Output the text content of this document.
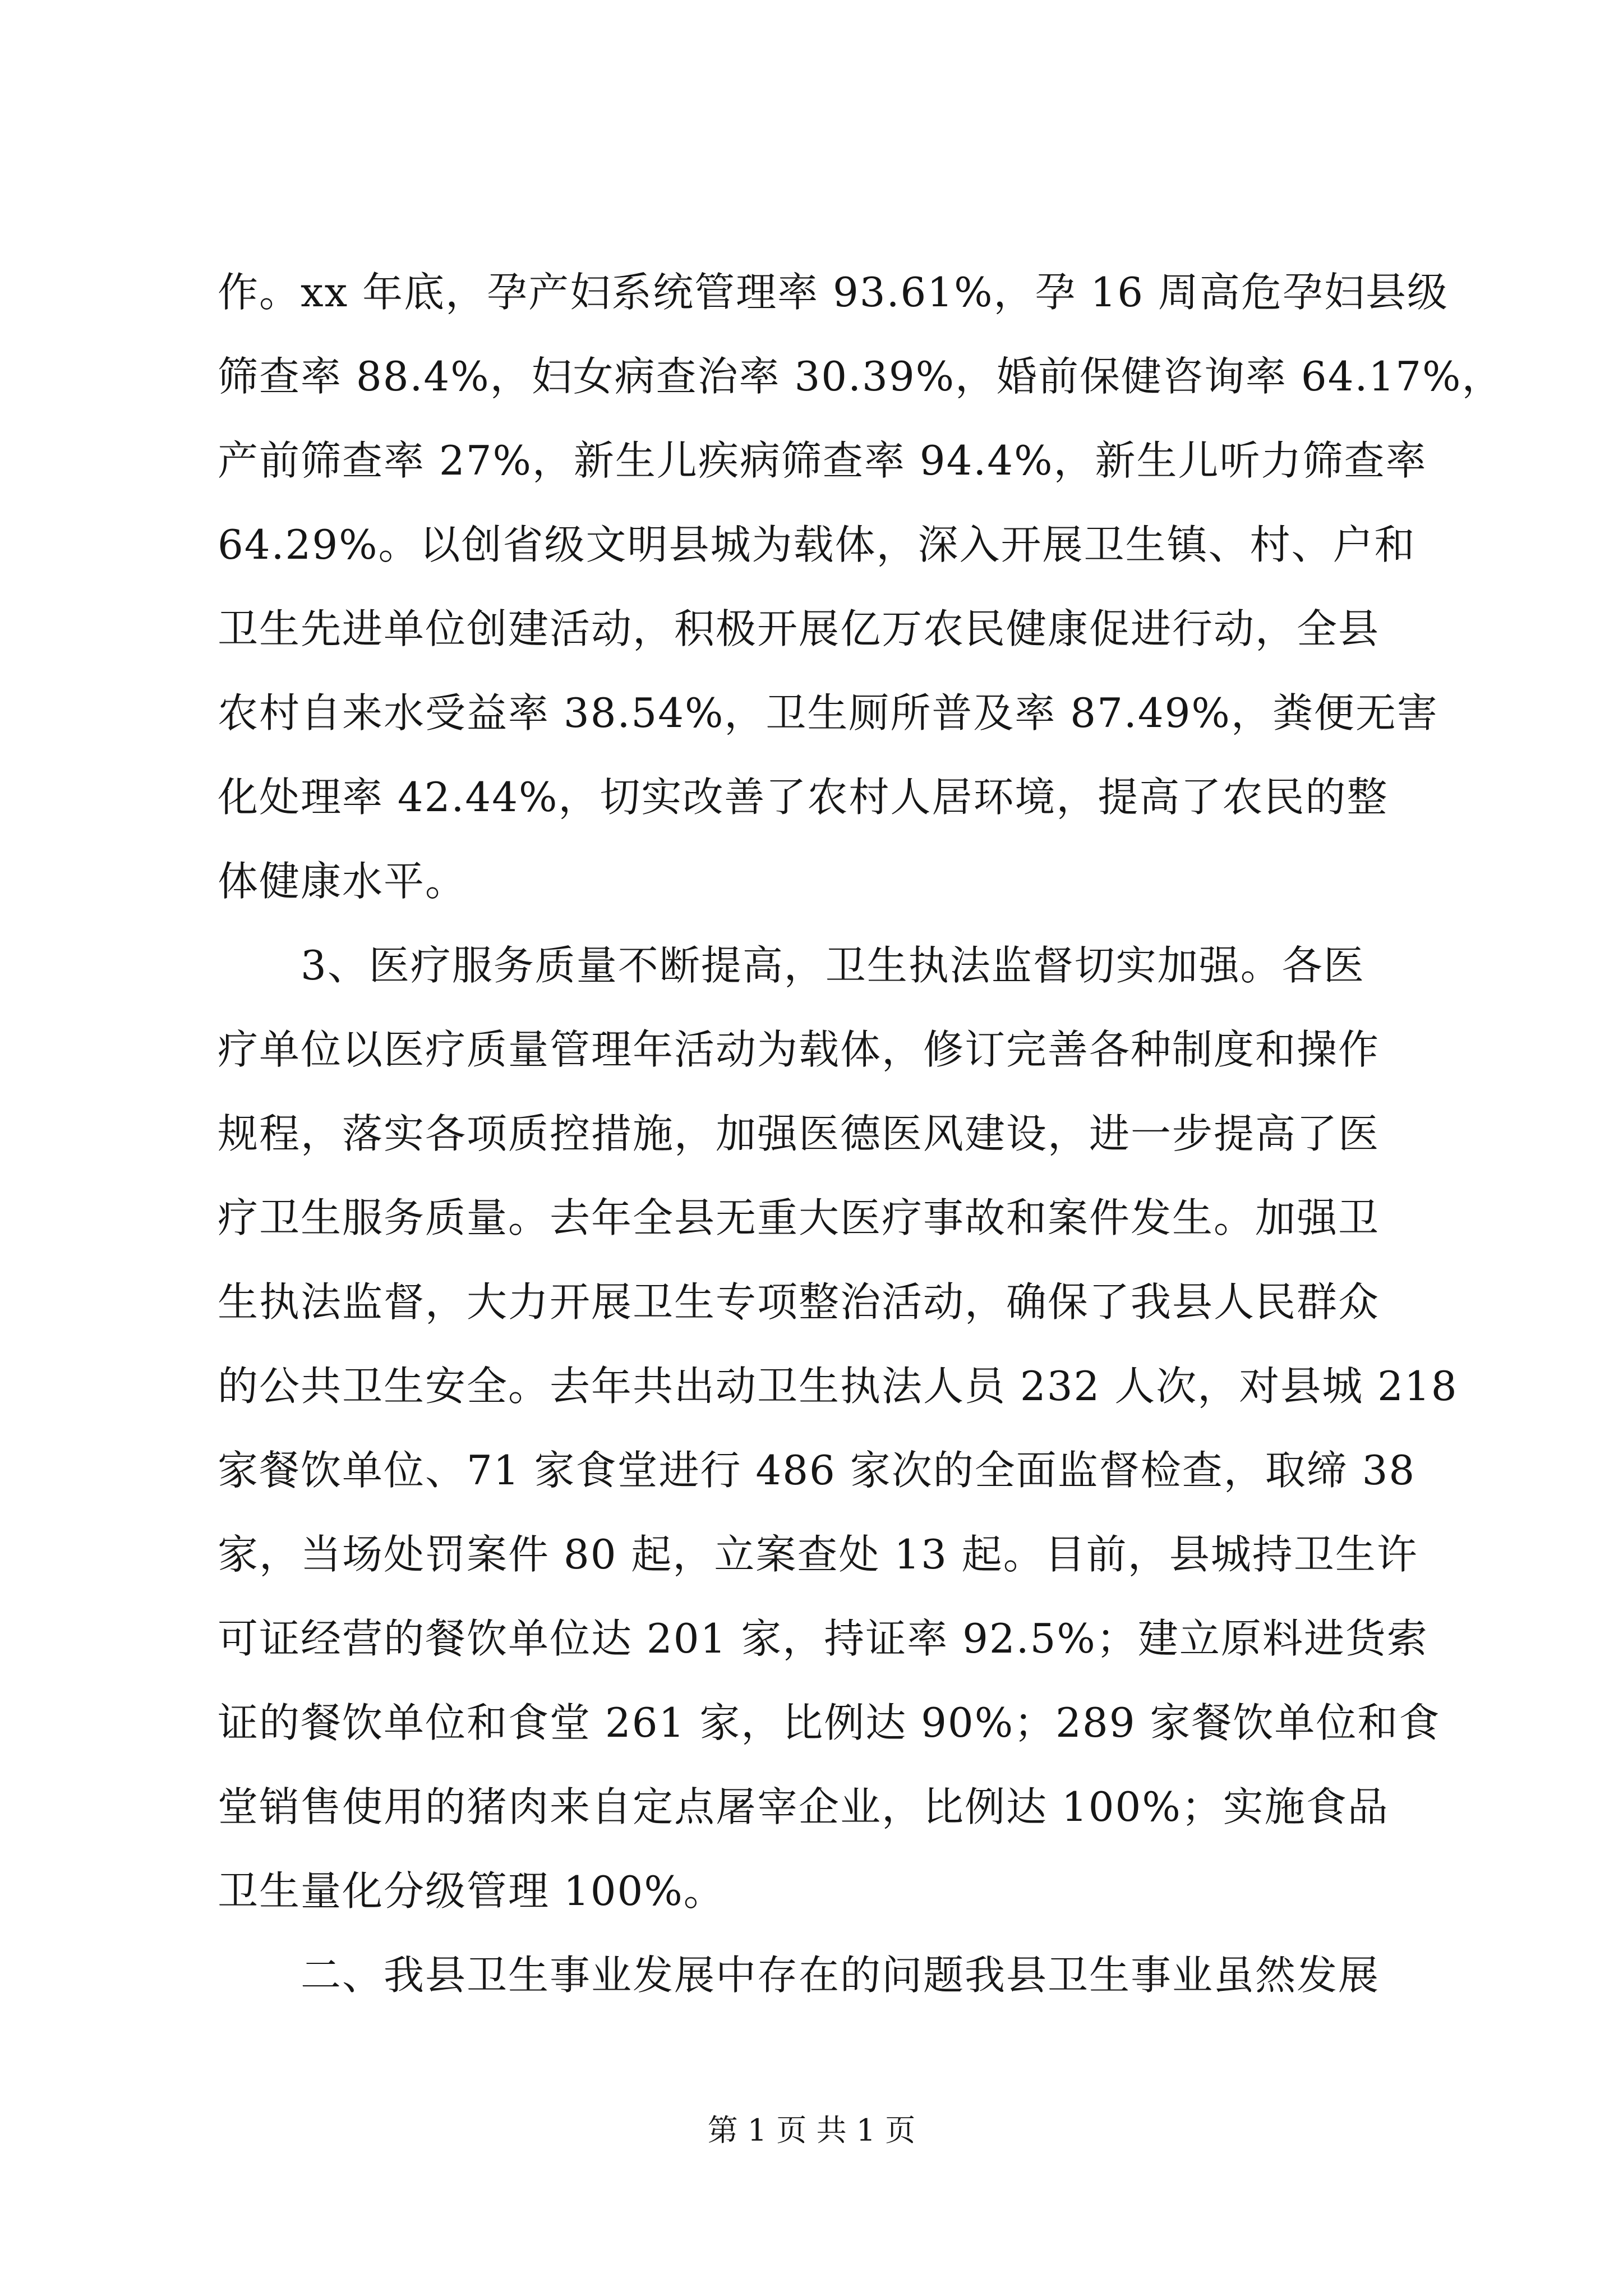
作。xx 年底，孕产妇系统管理率 93.61%，孕 16 周高危孕妇县级
筛查率 88.4%，妇女病查治率 30.39%，婚前保健咨询率 64.17%，
产前筛查率 27%，新生儿疾病筛查率 94.4%，新生儿听力筛查率
64.29%。以创省级文明县城为载体，深入开展卫生镇、村、户和
卫生先进单位创建活动，积极开展亿万农民健康促进行动，全县
农村自来水受益率 38.54%，卫生厕所普及率 87.49%，粪便无害
化处理率 42.44%，切实改善了农村人居环境，提高了农民的整
体健康水平。
3、医疗服务质量不断提高，卫生执法监督切实加强。各医
疗单位以医疗质量管理年活动为载体，修订完善各种制度和操作
规程，落实各项质控措施，加强医德医风建设，进一步提高了医
疗卫生服务质量。去年全县无重大医疗事故和案件发生。加强卫
生执法监督，大力开展卫生专项整治活动，确保了我县人民群众
的公共卫生安全。去年共出动卫生执法人员 232 人次，对县城 218
家餐饮单位、71 家食堂进行 486 家次的全面监督检查，取缔 38
家，当场处罚案件 80 起，立案查处 13 起。目前，县城持卫生许
可证经营的餐饮单位达 201 家，持证率 92.5%；建立原料进货索
证的餐饮单位和食堂 261 家，比例达 90%；289 家餐饮单位和食
堂销售使用的猪肉来自定点屠宰企业，比例达 100%；实施食品
卫生量化分级管理 100%。
二、我县卫生事业发展中存在的问题我县卫生事业虽然发展
第 1 页 共 1 页
